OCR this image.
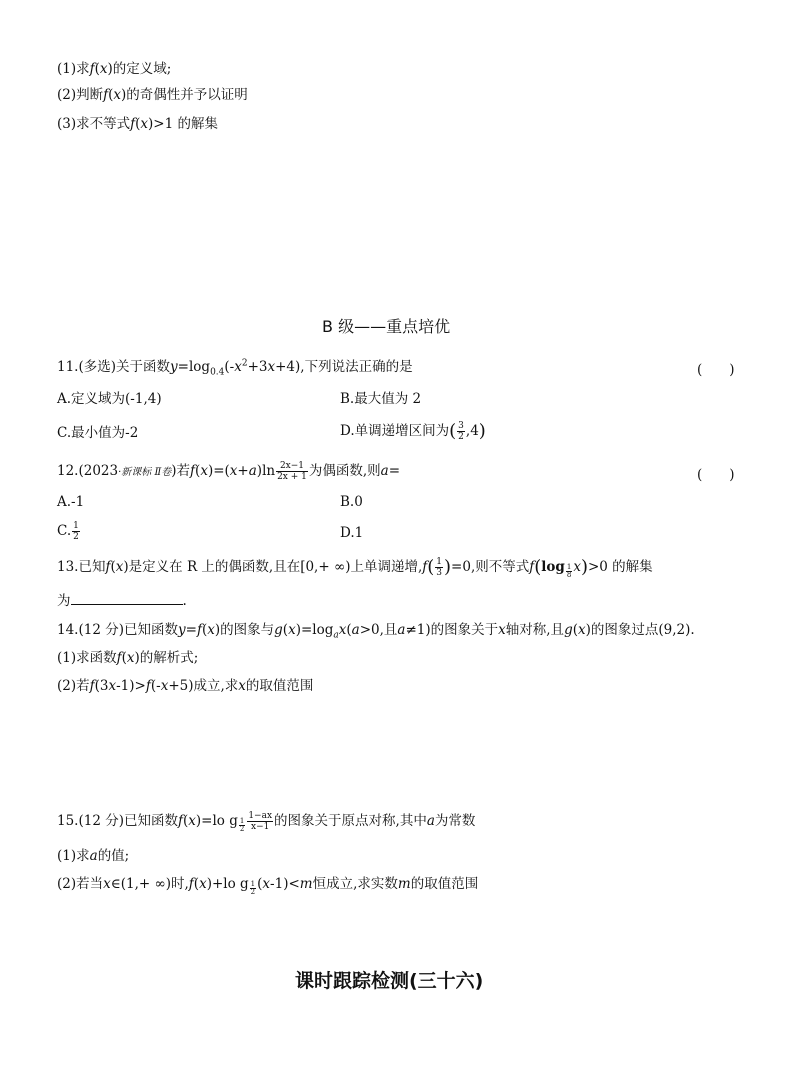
(1)求f(x)的定义域;
(2)判断f(x)的奇偶性并予以证明
(3)求不等式f(x)>1 的解集
B 级——重点培优
11.(多选)关于函数$y=\log_{0.4}(-x^2+3x+4)$,下列说法正确的是	(　　)
A.定义域为(-1,4)	B.最大值为 2
C.最小值为-2	D.单调递增区间为( $\frac{3}{2} ,4$)
12.(2023·新课标 Ⅱ卷)若$f(x)=(x+a)\ln \frac{2x-1}{2x + 1}$ 为偶函数,则a=	(　　)
A.-1	B.0
C. $\frac{1}{2}$	D.1
13.已知f(x)是定义在 R 上的偶函数,且在[0,+ ∞)上单调递增$,f( \frac{1}{3} )=0$,则不等式$f(\log \frac{1}{8} x)>0$ 的解集
为	.
14.(12 分)已知函数y=f(x)的图象与$g(x)=\log_ax(a>0$,且a≠1)的图象关于x轴对称,且g(x)的图象过点(9,2).
(1)求函数f(x)的解析式;
(2)若f(3x-1)>f(-x+5)成立,求x的取值范围
15.(12 分)已知函数f(x)=lo g $\frac{1}{2} \frac{1-ax}{x-1}$ 的图象关于原点对称,其中a为常数
(1)求a的值;
(2)若当x∈(1,+ ∞)时,f(x)+lo g $\frac{1}{2} (x-1)<m$恒成立,求实数m的取值范围
课时跟踪检测(三十六)
